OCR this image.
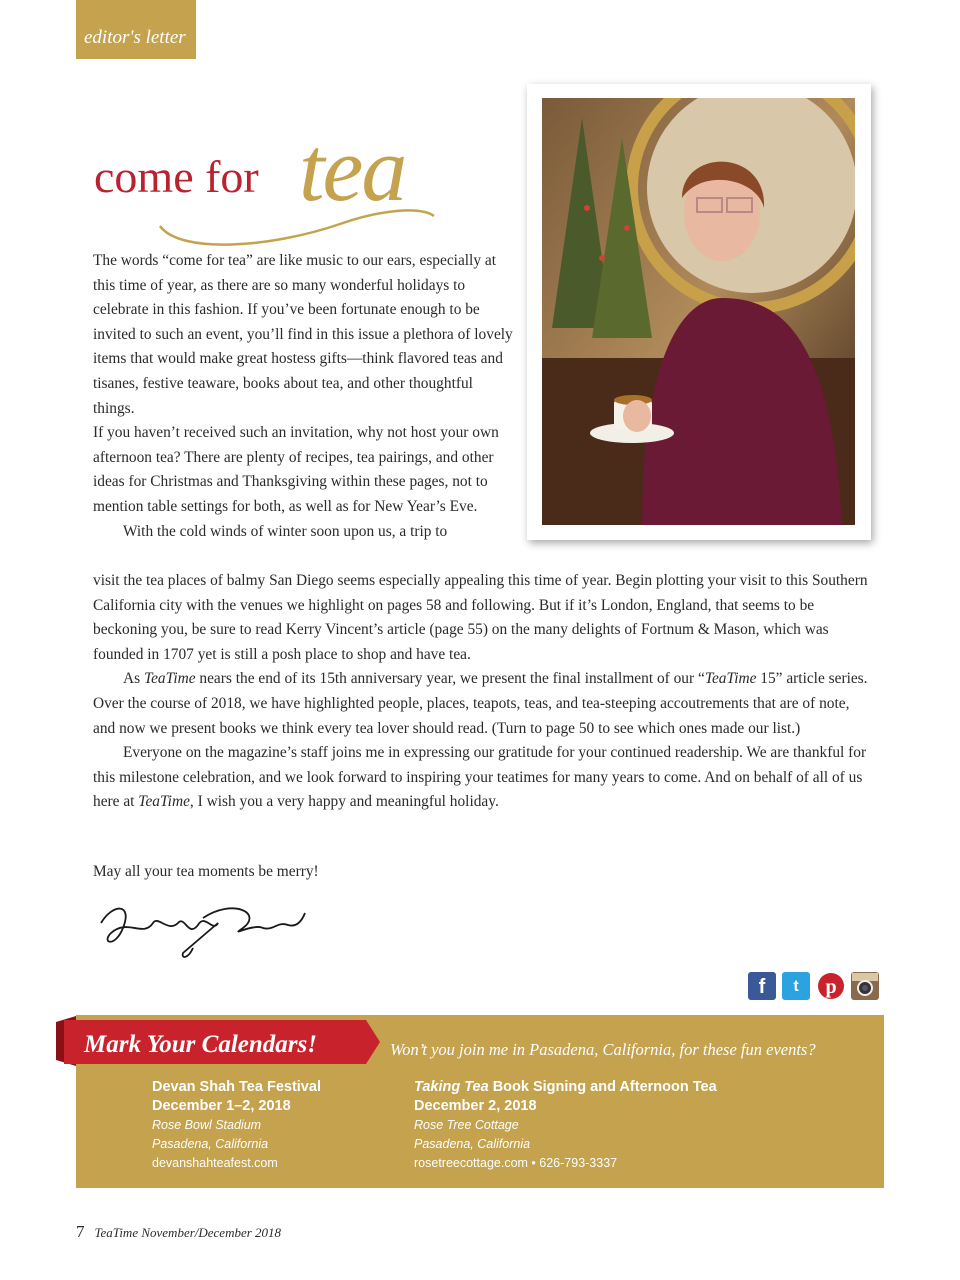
editor's letter
come for tea

The words “come for tea” are like music to our ears, especially at this time of year, as there are so many wonderful holidays to celebrate in this fashion. If you’ve been fortunate enough to be invited to such an event, you’ll find in this issue a plethora of lovely items that would make great hostess gifts—think flavored teas and tisanes, festive teaware, books about tea, and other thoughtful things.

If you haven’t received such an invitation, why not host your own afternoon tea? There are plenty of recipes, tea pairings, and other ideas for Christmas and Thanksgiving within these pages, not to mention table settings for both, as well as for New Year’s Eve.

With the cold winds of winter soon upon us, a trip to

visit the tea places of balmy San Diego seems especially appealing this time of year. Begin plotting your visit to this Southern California city with the venues we highlight on pages 58 and following. But if it’s London, England, that seems to be beckoning you, be sure to read Kerry Vincent’s article (page 55) on the many delights of Fortnum & Mason, which was founded in 1707 yet is still a posh place to shop and have tea.

As TeaTime nears the end of its 15th anniversary year, we present the final installment of our “TeaTime 15” article series. Over the course of 2018, we have highlighted people, places, teapots, teas, and tea-steeping accoutrements that are of note, and now we present books we think every tea lover should read. (Turn to page 50 to see which ones made our list.)

Everyone on the magazine’s staff joins me in expressing our gratitude for your continued readership. We are thankful for this milestone celebration, and we look forward to inspiring your teatimes for many years to come. And on behalf of all of us here at TeaTime, I wish you a very happy and meaningful holiday.

May all your tea moments be merry!
f	t	p
Mark Your Calendars!	Won’t you join me in Pasadena, California, for these fun events?
Devan Shah Tea Festival
December 1–2, 2018
Rose Bowl Stadium
Pasadena, California
devanshahteafest.com
Taking Tea Book Signing and Afternoon Tea
December 2, 2018
Rose Tree Cottage
Pasadena, California
rosetreecottage.com • 626-793-3337
7 TeaTime November/December 2018
